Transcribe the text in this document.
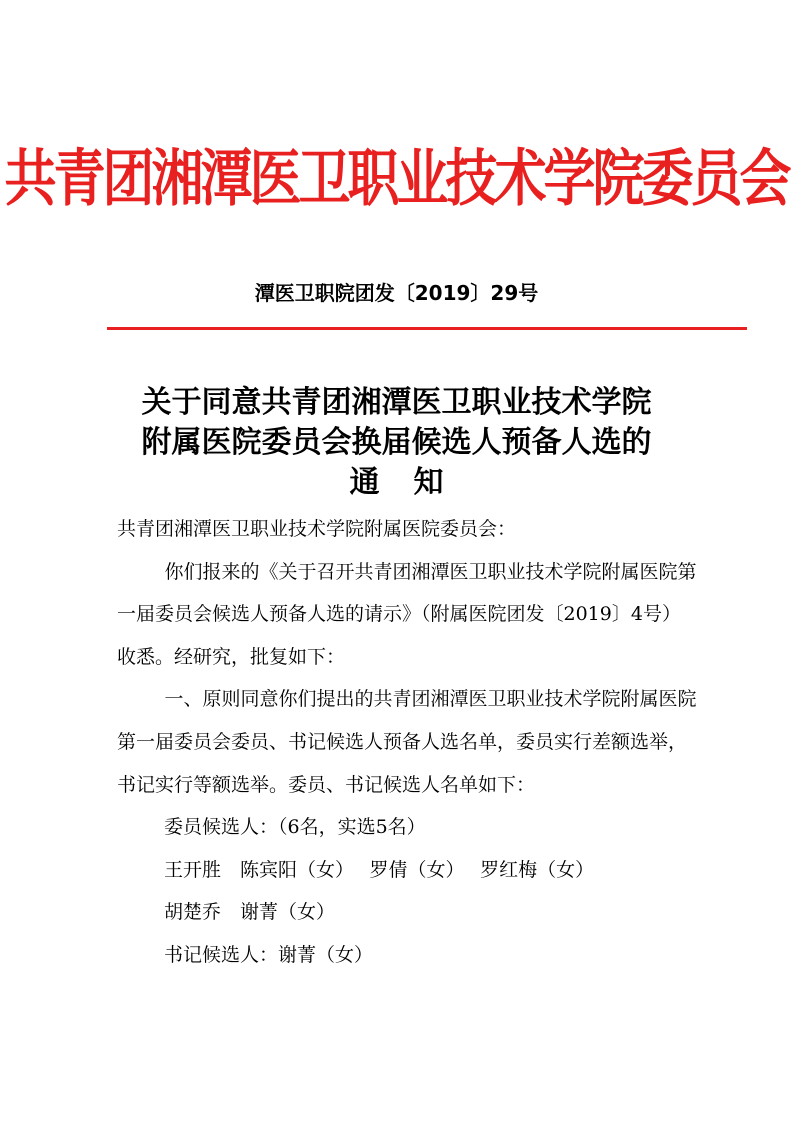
共青团湘潭医卫职业技术学院委员会
潭医卫职院团发〔2019〕29号
关于同意共青团湘潭医卫职业技术学院
附属医院委员会换届候选人预备人选的
通知

共青团湘潭医卫职业技术学院附属医院委员会：

你们报来的《关于召开共青团湘潭医卫职业技术学院附属医院第一届委员会候选人预备人选的请示》（附属医院团发〔2019〕4号）收悉。经研究，批复如下：

一、原则同意你们提出的共青团湘潭医卫职业技术学院附属医院第一届委员会委员、书记候选人预备人选名单，委员实行差额选举，书记实行等额选举。委员、书记候选人名单如下：

委员候选人：（6名，实选5名）

王开胜　陈宾阳（女）　 罗倩（女）　 罗红梅（女）

胡楚乔　谢菁（女）

书记候选人：谢菁（女）
